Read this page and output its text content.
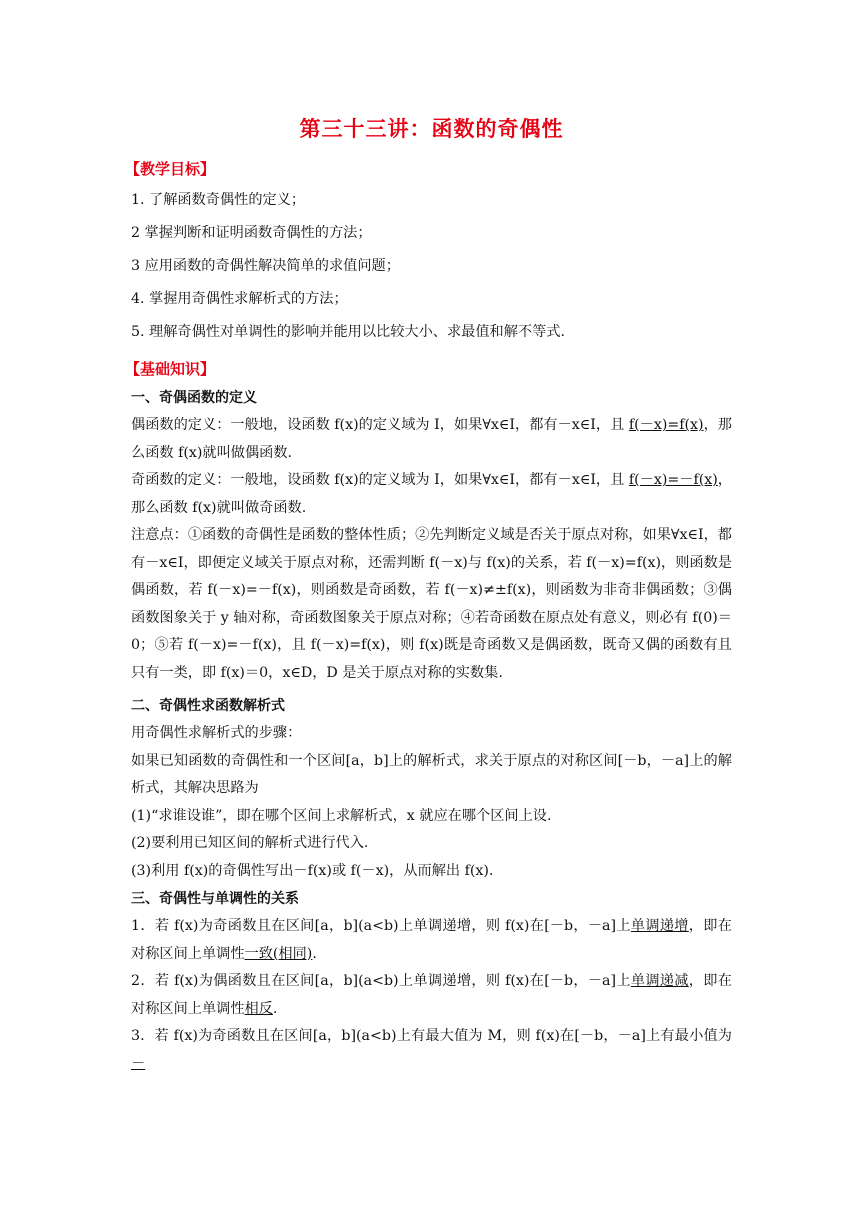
第三十三讲：函数的奇偶性
【教学目标】

1. 了解函数奇偶性的定义；

2 掌握判断和证明函数奇偶性的方法；

3 应用函数的奇偶性解决简单的求值问题；

4. 掌握用奇偶性求解析式的方法；

5. 理解奇偶性对单调性的影响并能用以比较大小、求最值和解不等式.

【基础知识】
一、奇偶函数的定义

偶函数的定义：一般地，设函数 f(x)的定义域为 I，如果∀x∈I，都有－x∈I，且 f(－x)=f(x)，那么函数 f(x)就叫做偶函数.

奇函数的定义：一般地，设函数 f(x)的定义域为 I，如果∀x∈I，都有－x∈I，且 f(－x)=－f(x)，那么函数 f(x)就叫做奇函数.

注意点：①函数的奇偶性是函数的整体性质；②先判断定义域是否关于原点对称，如果∀x∈I，都有－x∈I，即便定义域关于原点对称，还需判断 f(－x)与 f(x)的关系，若 f(－x)=f(x)，则函数是偶函数，若 f(－x)=－f(x)，则函数是奇函数，若 f(－x)≠±f(x)，则函数为非奇非偶函数；③偶函数图象关于 y 轴对称，奇函数图象关于原点对称；④若奇函数在原点处有意义，则必有 f(0)＝0；⑤若 f(－x)=－f(x)，且 f(－x)=f(x)，则 f(x)既是奇函数又是偶函数，既奇又偶的函数有且只有一类，即 f(x)＝0，x∈D，D 是关于原点对称的实数集.

二、奇偶性求函数解析式

用奇偶性求解析式的步骤：

如果已知函数的奇偶性和一个区间[a，b]上的解析式，求关于原点的对称区间[－b，－a]上的解析式，其解决思路为

(1)“求谁设谁”，即在哪个区间上求解析式，x 就应在哪个区间上设.

(2)要利用已知区间的解析式进行代入.

(3)利用 f(x)的奇偶性写出－f(x)或 f(－x)，从而解出 f(x).

三、奇偶性与单调性的关系

1．若 f(x)为奇函数且在区间[a，b](a<b)上单调递增，则 f(x)在[－b，－a]上单调递增，即在对称区间上单调性一致(相同).

2．若 f(x)为偶函数且在区间[a，b](a<b)上单调递增，则 f(x)在[－b，－a]上单调递减，即在对称区间上单调性相反.

3．若 f(x)为奇函数且在区间[a，b](a<b)上有最大值为 M，则 f(x)在[－b，－a]上有最小值为－
